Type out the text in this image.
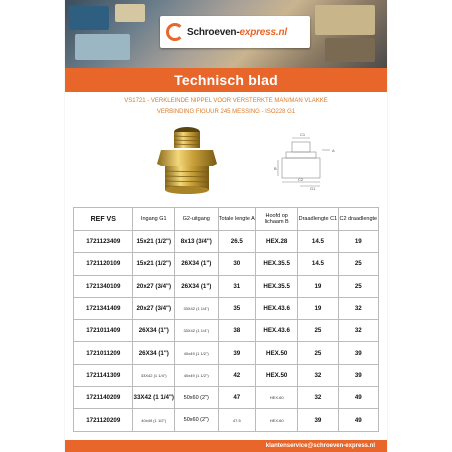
Schroeven-express.nl
Technisch blad
VS1721 - VERKLEINDE NIPPEL VOOR VERSTERKTE MAN/MAN VLAKKE
VERBINDING FIGUUR 245 MESSING - ISO228 G1
C1
C2
G1
A
B
REF VS	Ingang G1	G2-uitgang	Totale lengte A	Hoofd op lichaam B	Draadlengte C1	C2 draadlengte
1721123409	15x21 (1/2")	8x13 (3/4")	26.5	HEX.28	14.5	19
1721120109	15x21 (1/2")	26X34 (1")	30	HEX.35.5	14.5	25
1721340109	20x27 (3/4")	26X34 (1")	31	HEX.35.5	19	25
1721341409	20x27 (3/4")	33X42 (1 1/4")	35	HEX.43.6	19	32
1721011409	26X34 (1")	33X42 (1 1/4")	38	HEX.43.6	25	32
1721011209	26X34 (1")	40x49 (1 1/2")	39	HEX.50	25	39
1721141309	33X42 (1 1/4")	40x49 (1 1/2")	42	HEX.50	32	39
1721140209	33X42 (1 1/4")	50x60 (2")	47	HEX.60	32	49
1721120209	40x49 (1 1/2")	50x60 (2")	47.5	HEX.60	39	49
klantenservice@schroeven-express.nl
